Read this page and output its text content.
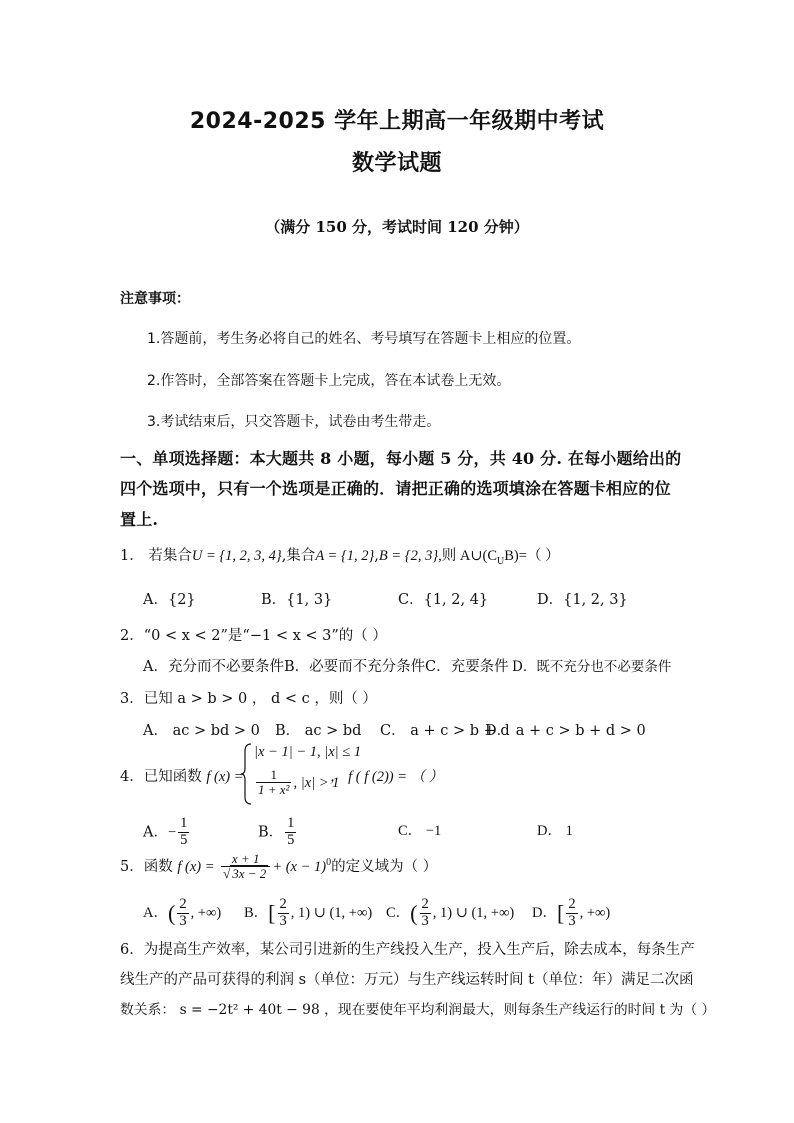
2024-2025 学年上期高一年级期中考试
数学试题
（满分 150 分，考试时间 120 分钟）
注意事项：
1.答题前，考生务必将自己的姓名、考号填写在答题卡上相应的位置。
2.作答时，全部答案在答题卡上完成，答在本试卷上无效。
3.考试结束后，只交答题卡，试卷由考生带走。
一、单项选择题：本大题共 8 小题，每小题 5 分，共 40 分. 在每小题给出的
四个选项中，只有一个选项是正确的．请把正确的选项填涂在答题卡相应的位
置上.
1． 若集合U = {1, 2, 3, 4},集合A = {1, 2},B = {2, 3},则 $A\cup(C_UB)=$（ ）
A．{2}	B．{1, 3}	C．{1, 2, 4}	D．{1, 2, 3}
2．“0 < x < 2”是“−1 < x < 3”的（ ）
A．充分而不必要条件 B．必要而不充分条件 C．充要条件 D．既不充分也不必要条件
3．已知 a > b > 0 ， d < c ，则（ ）
A． ac > bd > 0 B． ac > bd C． a + c > b + d
D． a + c > b + d > 0
4．已知函数 f (x) =
|x − 1| − 1, |x| ≤ 1
$\frac{1}{\text{1 + x²}}$ , |x| > 1
， f ( f (2)) = （ ）
A．− $\frac{1}{5}$	B． $\frac{1}{5}$	C． −1	D． 1
5．函数 f $(x) = \frac{x + 1}{√ 3x - 2} + (x - 1)^0$的定义域为（ ）
A．( $\frac{2}{3}$ , +∞) B．[ $\frac{2}{3}$ , 1) ∪ (1, +∞) C．( $\frac{2}{3}$ , 1) ∪ (1, +∞) D．[ $\frac{2}{3}$ , +∞)
6．为提高生产效率，某公司引进新的生产线投入生产，投入生产后，除去成本，每条生产
线生产的产品可获得的利润 s（单位：万元）与生产线运转时间 t（单位：年）满足二次函
数关系： s = −2t² + 40t − 98 ，现在要使年平均利润最大，则每条生产线运行的时间 t 为（ ）
